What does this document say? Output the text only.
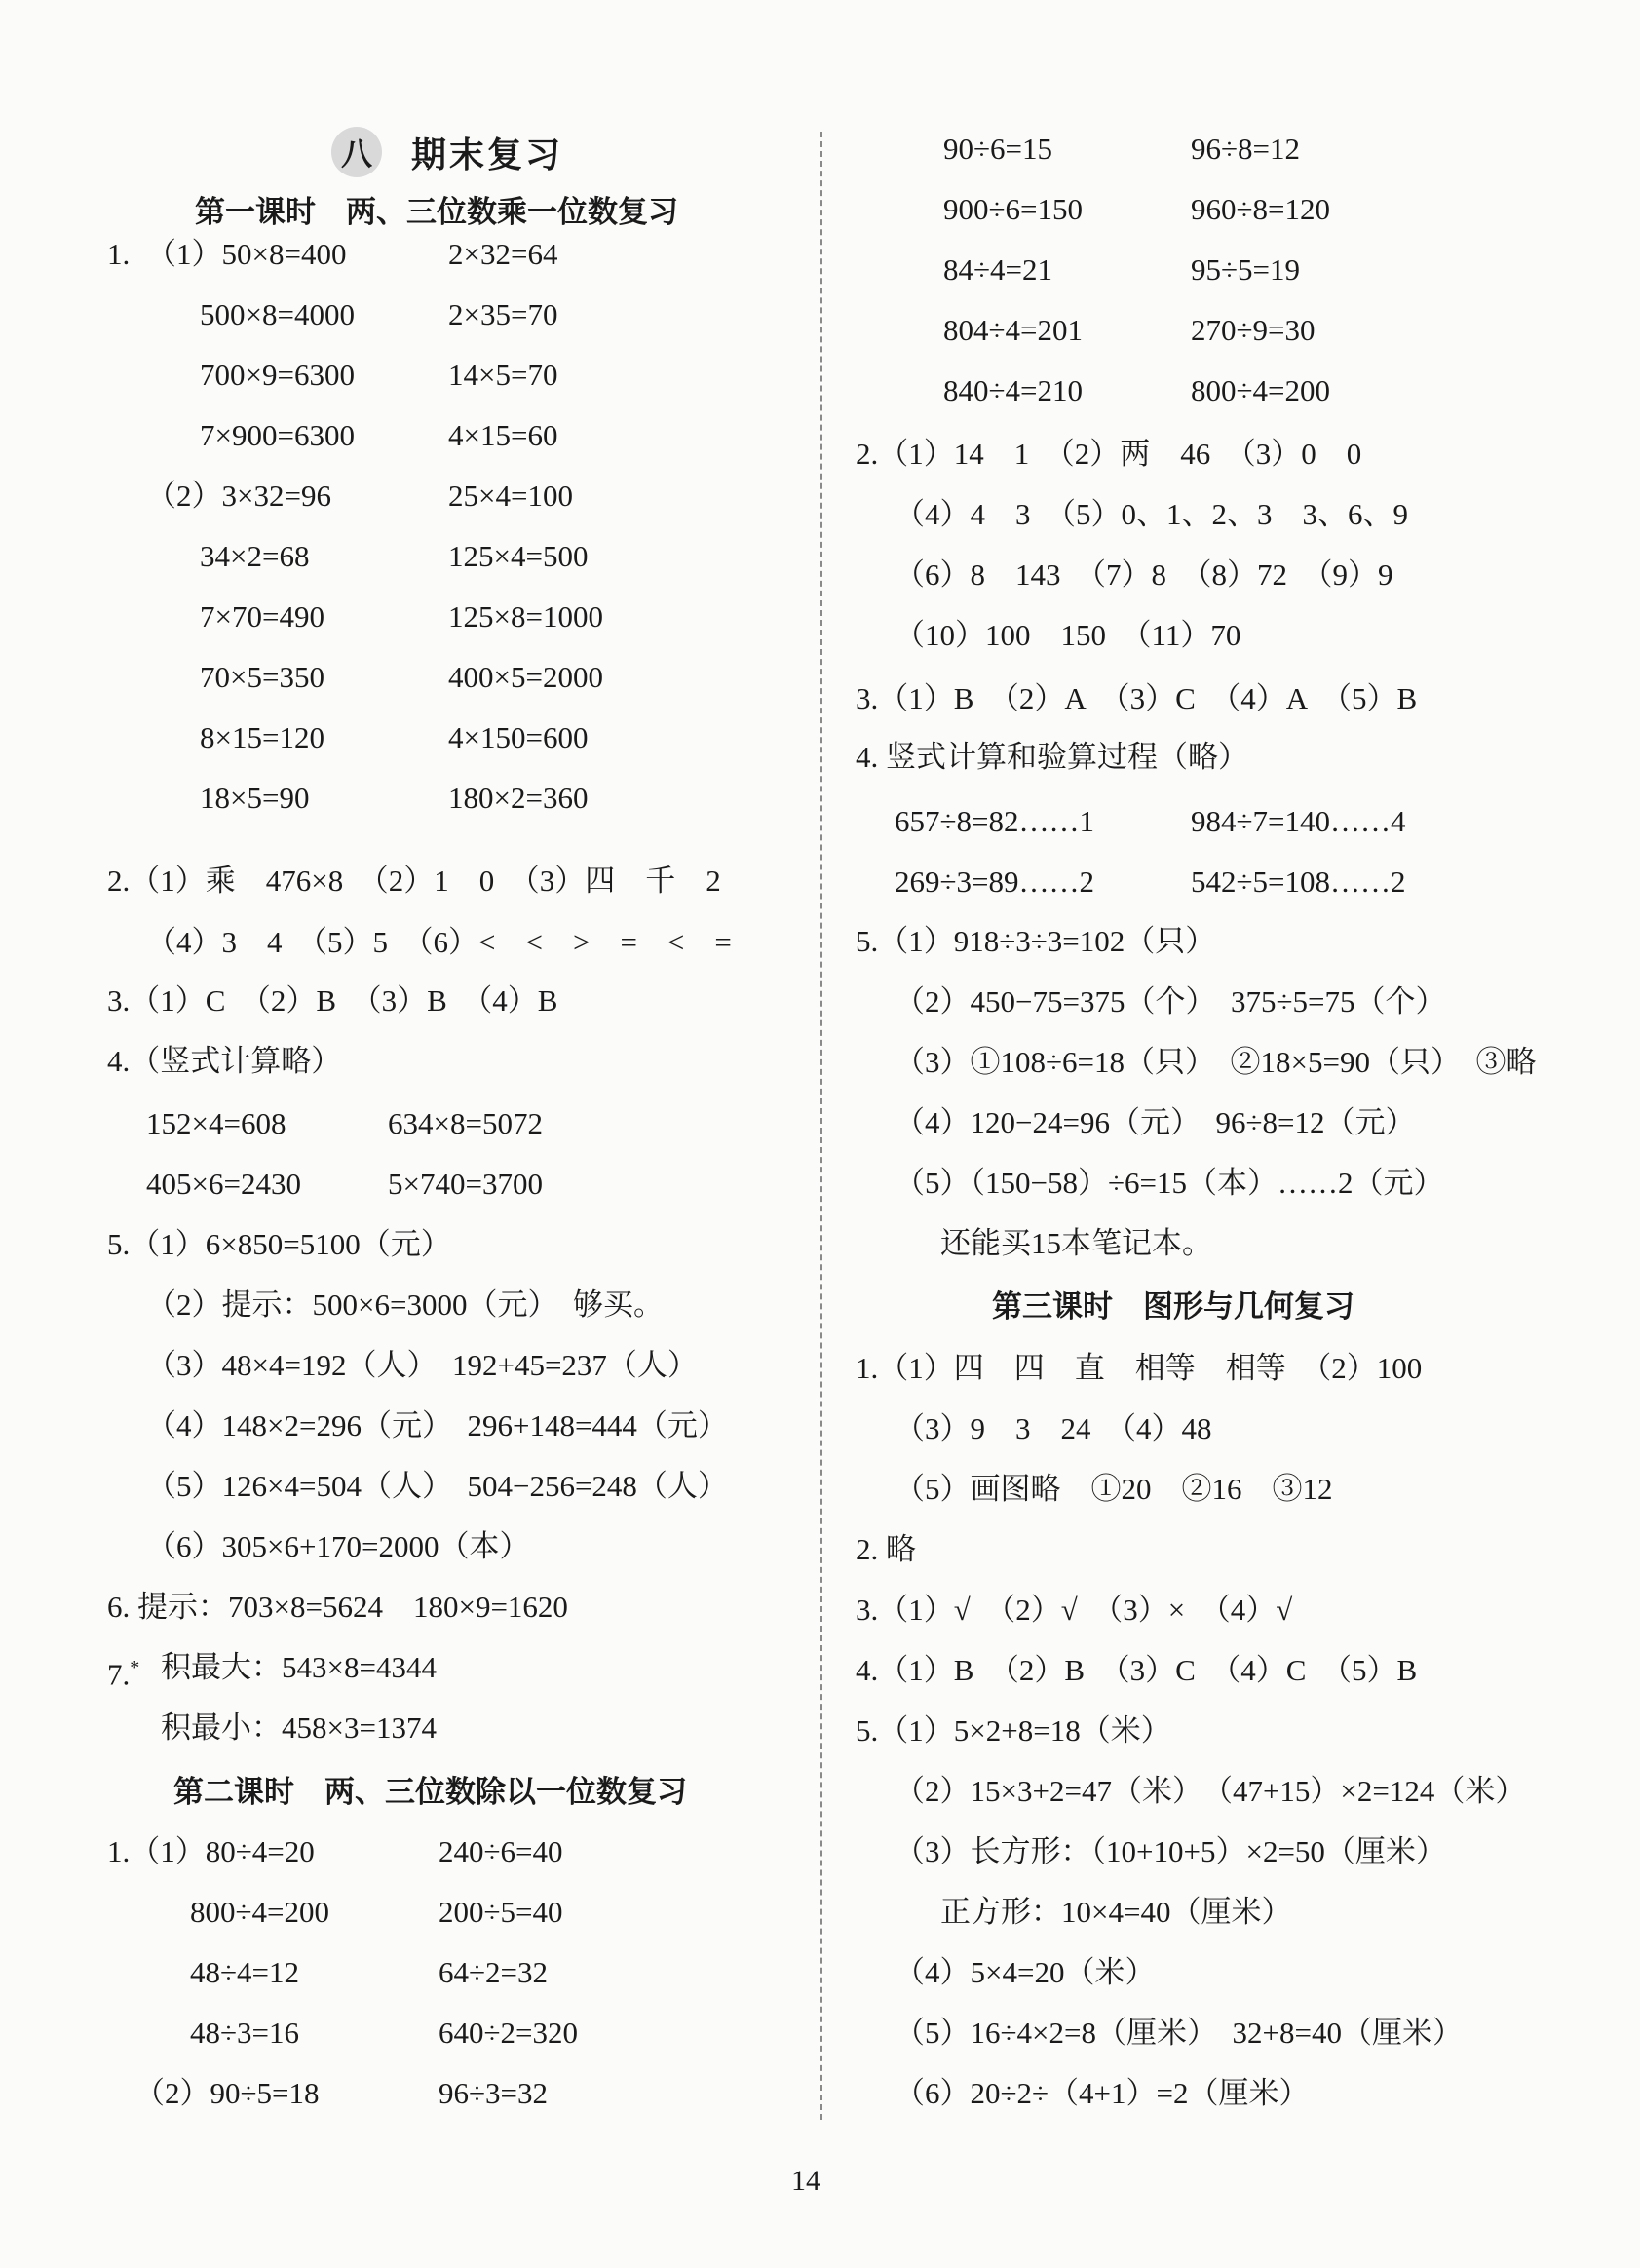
八 期末复习
第一课时　两、三位数乘一位数复习
1. （1）50×8=400
500×8=4000
700×9=6300
7×900=6300
2×32=64
2×35=70
14×5=70
4×15=60
（2）3×32=96
34×2=68
7×70=490
70×5=350
8×15=120
18×5=90
25×4=100
125×4=500
125×8=1000
400×5=2000
4×150=600
180×2=360
2.（1）乘　476×8　（2）1　0　（3）四　千　2
（4）3　4　（5）5　（6）<　<　>　=　<　=
3.（1）C　（2）B　（3）B　（4）B
4.（竖式计算略）
152×4=608
405×6=2430
634×8=5072
5×740=3700
5.（1）6×850=5100（元）
（2）提示：500×6=3000（元）　够买。
（3）48×4=192（人）　192+45=237（人）
（4）148×2=296（元）　296+148=444（元）
（5）126×4=504（人）　504−256=248（人）
（6）305×6+170=2000（本）
6. 提示：703×8=5624　180×9=1620
7.* 积最大：543×8=4344
积最小：458×3=1374
第二课时　两、三位数除以一位数复习
1.（1）80÷4=20
800÷4=200
48÷4=12
48÷3=16
（2）90÷5=18
240÷6=40
200÷5=40
64÷2=32
640÷2=320
96÷3=32
90÷6=15
900÷6=150
84÷4=21
804÷4=201
840÷4=210
96÷8=12
960÷8=120
95÷5=19
270÷9=30
800÷4=200
2.（1）14　1　（2）两　46　（3）0　0
（4）4　3　（5）0、1、2、3　3、6、9
（6）8　143　（7）8　（8）72　（9）9
（10）100　150　（11）70
3.（1）B　（2）A　（3）C　（4）A　（5）B
4. 竖式计算和验算过程（略）
657÷8=82……1
269÷3=89……2
984÷7=140……4
542÷5=108……2
5.（1）918÷3÷3=102（只）
（2）450−75=375（个）　375÷5=75（个）
（3）①108÷6=18（只）　②18×5=90（只）　③略
（4）120−24=96（元）　96÷8=12（元）
（5）（150−58）÷6=15（本）……2（元）
还能买15本笔记本。
第三课时　图形与几何复习
1.（1）四　四　直　相等　相等　（2）100
（3）9　3　24　（4）48
（5）画图略　①20　②16　③12
2. 略
3.（1）√　（2）√　（3）×　（4）√
4.（1）B　（2）B　（3）C　（4）C　（5）B
5.（1）5×2+8=18（米）
（2）15×3+2=47（米）　（47+15）×2=124（米）
（3）长方形：（10+10+5）×2=50（厘米）
正方形：10×4=40（厘米）
（4）5×4=20（米）
（5）16÷4×2=8（厘米）　32+8=40（厘米）
（6）20÷2÷（4+1）=2（厘米）
14
